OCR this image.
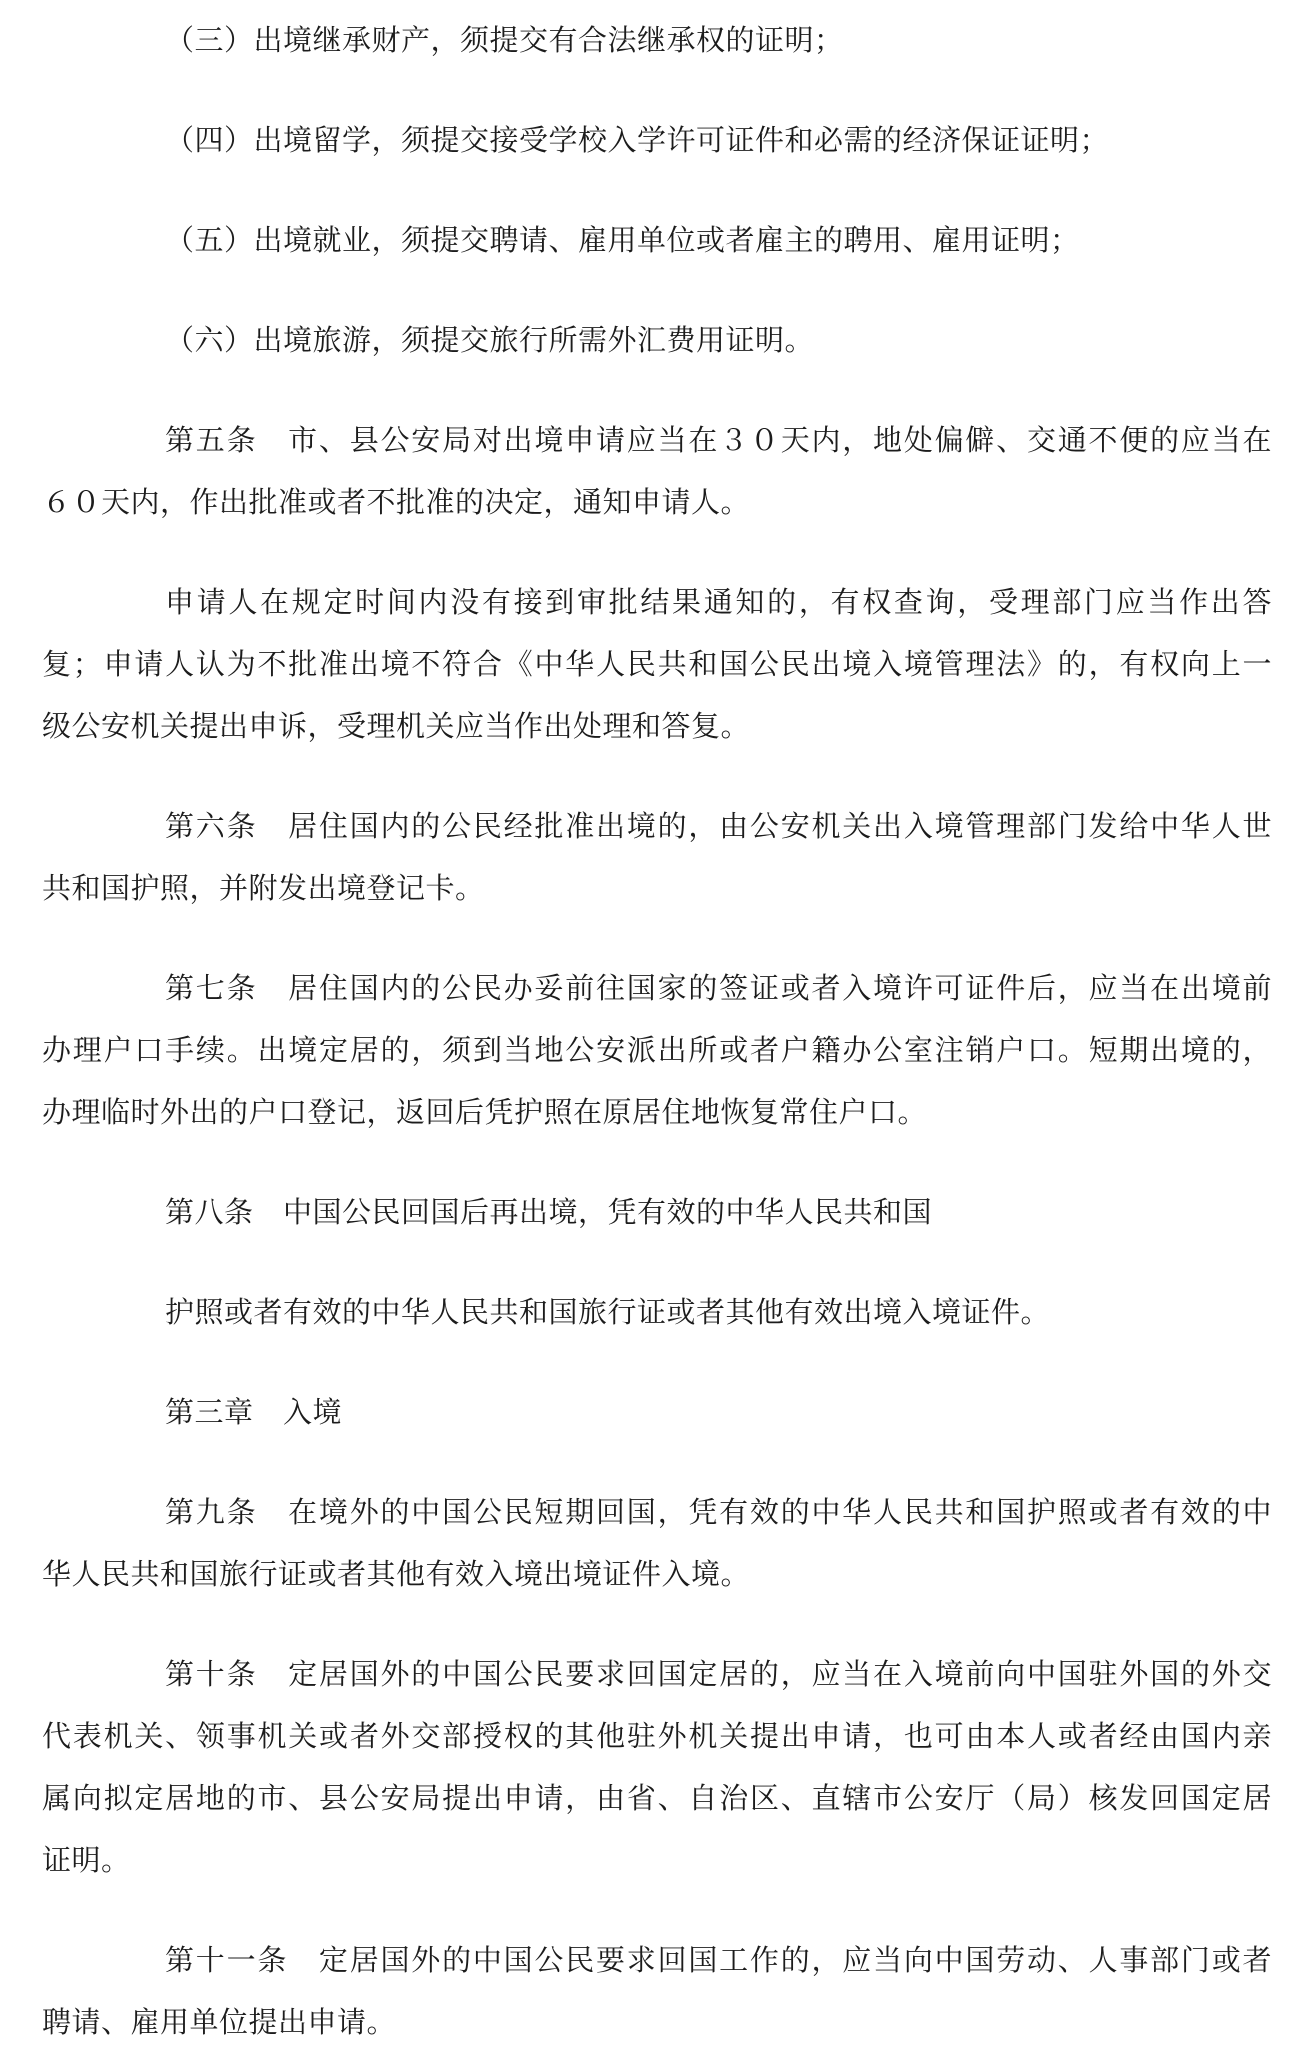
（三）出境继承财产，须提交有合法继承权的证明；
（四）出境留学，须提交接受学校入学许可证件和必需的经济保证证明；
（五）出境就业，须提交聘请、雇用单位或者雇主的聘用、雇用证明；
（六）出境旅游，须提交旅行所需外汇费用证明。
第五条　市、县公安局对出境申请应当在３０天内，地处偏僻、交通不便的应当在
６０天内，作出批准或者不批准的决定，通知申请人。
申请人在规定时间内没有接到审批结果通知的，有权查询，受理部门应当作出答
复；申请人认为不批准出境不符合《中华人民共和国公民出境入境管理法》的，有权向上一
级公安机关提出申诉，受理机关应当作出处理和答复。
第六条　居住国内的公民经批准出境的，由公安机关出入境管理部门发给中华人世
共和国护照，并附发出境登记卡。
第七条　居住国内的公民办妥前往国家的签证或者入境许可证件后，应当在出境前
办理户口手续。出境定居的，须到当地公安派出所或者户籍办公室注销户口。短期出境的，
办理临时外出的户口登记，返回后凭护照在原居住地恢复常住户口。
第八条　中国公民回国后再出境，凭有效的中华人民共和国
护照或者有效的中华人民共和国旅行证或者其他有效出境入境证件。
第三章　入境
第九条　在境外的中国公民短期回国，凭有效的中华人民共和国护照或者有效的中
华人民共和国旅行证或者其他有效入境出境证件入境。
第十条　定居国外的中国公民要求回国定居的，应当在入境前向中国驻外国的外交
代表机关、领事机关或者外交部授权的其他驻外机关提出申请，也可由本人或者经由国内亲
属向拟定居地的市、县公安局提出申请，由省、自治区、直辖市公安厅（局）核发回国定居
证明。
第十一条　定居国外的中国公民要求回国工作的，应当向中国劳动、人事部门或者
聘请、雇用单位提出申请。
